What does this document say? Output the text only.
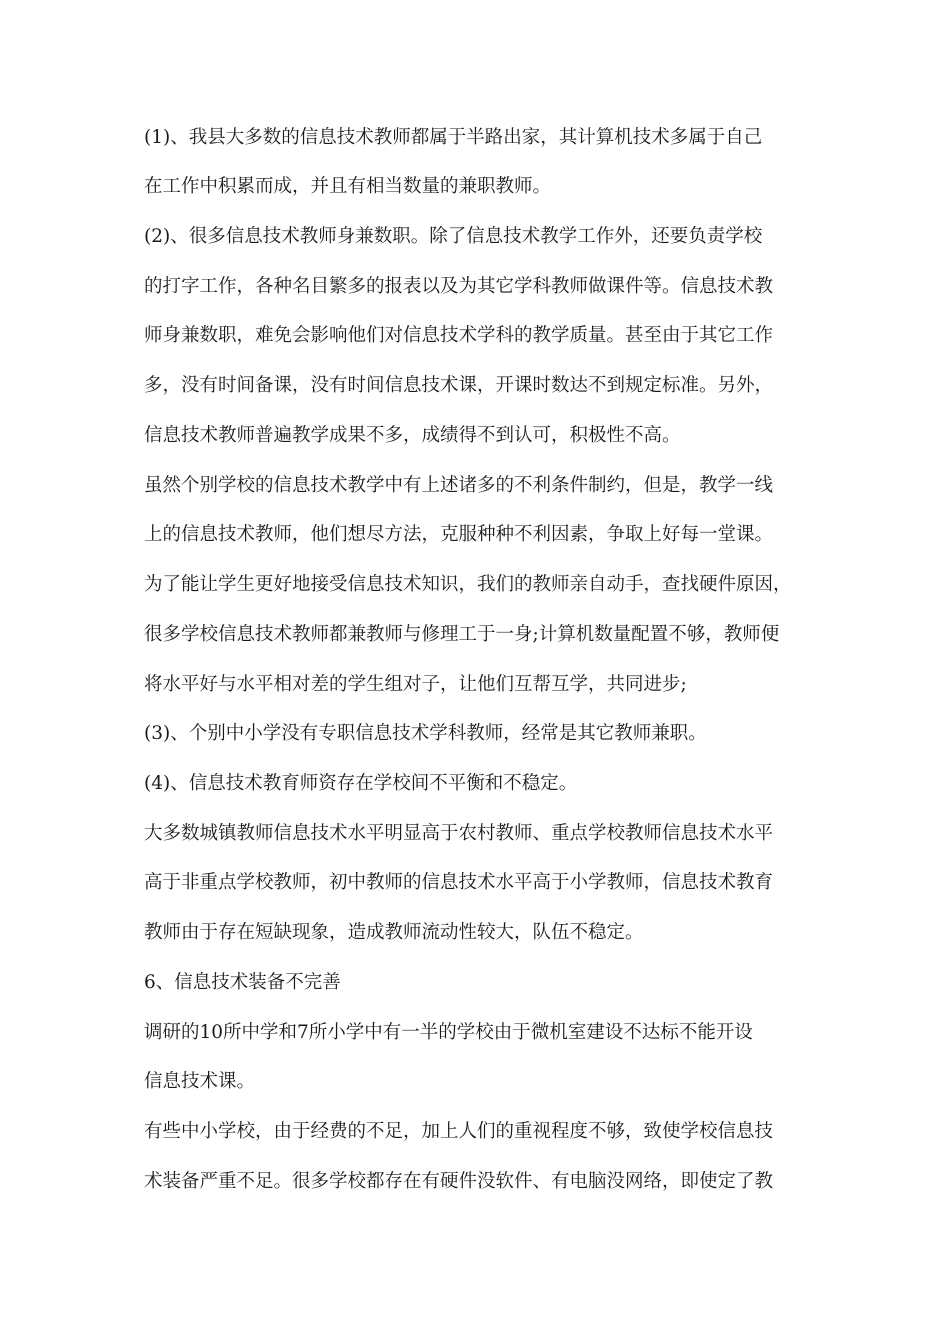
(1)、我县大多数的信息技术教师都属于半路出家，其计算机技术多属于自己
在工作中积累而成，并且有相当数量的兼职教师。
(2)、很多信息技术教师身兼数职。除了信息技术教学工作外，还要负责学校
的打字工作，各种名目繁多的报表以及为其它学科教师做课件等。信息技术教
师身兼数职，难免会影响他们对信息技术学科的教学质量。甚至由于其它工作
多，没有时间备课，没有时间信息技术课，开课时数达不到规定标准。另外，
信息技术教师普遍教学成果不多，成绩得不到认可，积极性不高。
虽然个别学校的信息技术教学中有上述诸多的不利条件制约，但是，教学一线
上的信息技术教师，他们想尽方法，克服种种不利因素，争取上好每一堂课。
为了能让学生更好地接受信息技术知识，我们的教师亲自动手，查找硬件原因，
很多学校信息技术教师都兼教师与修理工于一身;计算机数量配置不够，教师便
将水平好与水平相对差的学生组对子，让他们互帮互学，共同进步;
(3)、个别中小学没有专职信息技术学科教师，经常是其它教师兼职。
(4)、信息技术教育师资存在学校间不平衡和不稳定。
大多数城镇教师信息技术水平明显高于农村教师、重点学校教师信息技术水平
高于非重点学校教师，初中教师的信息技术水平高于小学教师，信息技术教育
教师由于存在短缺现象，造成教师流动性较大，队伍不稳定。
6、信息技术装备不完善
调研的10所中学和7所小学中有一半的学校由于微机室建设不达标不能开设
信息技术课。
有些中小学校，由于经费的不足，加上人们的重视程度不够，致使学校信息技
术装备严重不足。很多学校都存在有硬件没软件、有电脑没网络，即使定了教
